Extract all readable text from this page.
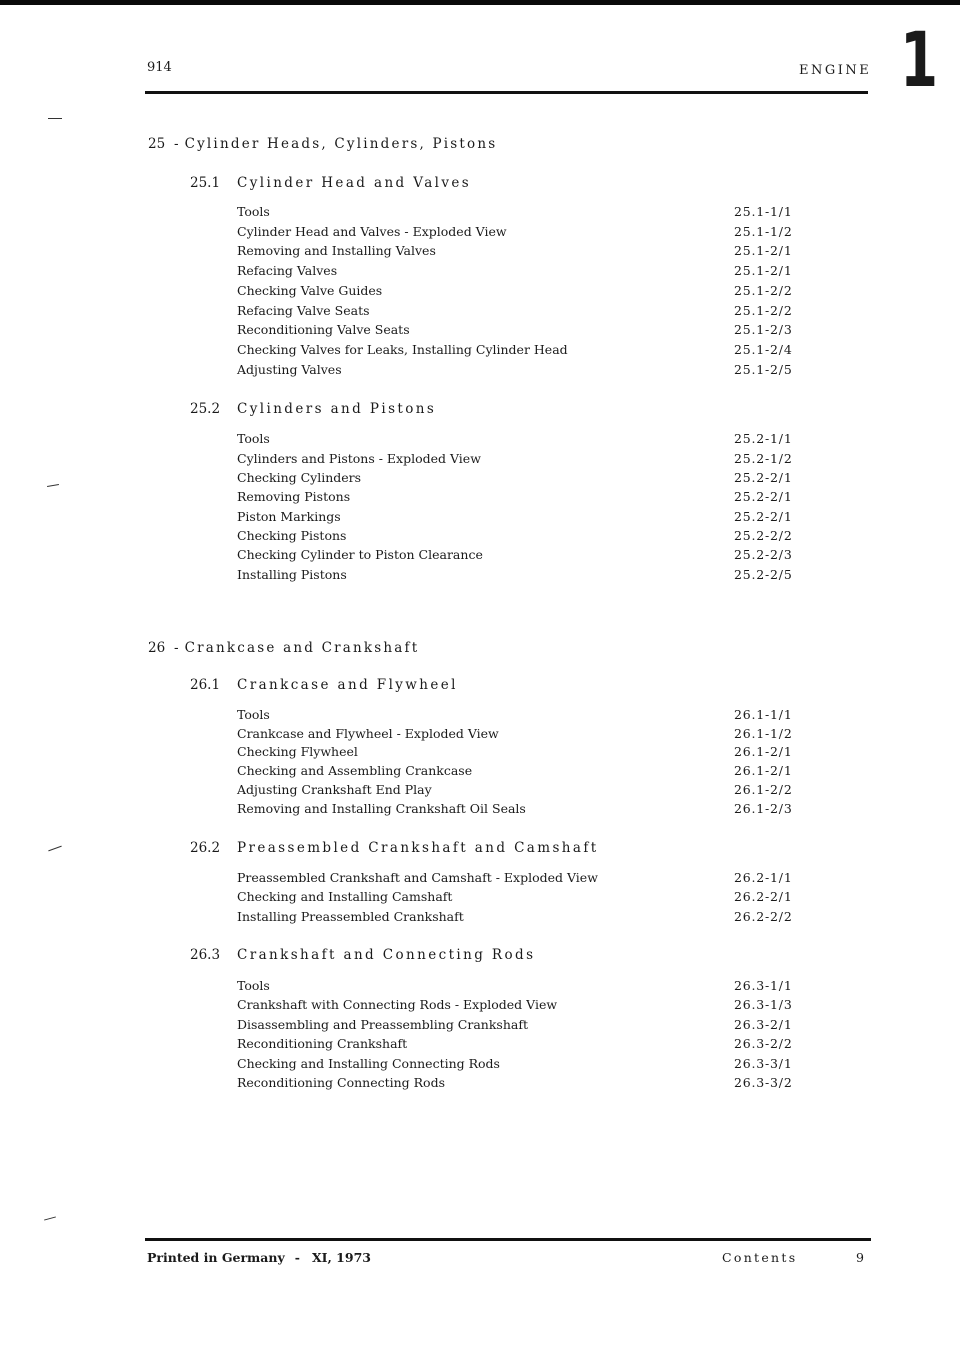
914	ENGINE 1
25 - Cylinder Heads, Cylinders, Pistons
25.1 Cylinder Head and Valves
Tools	25.1-1/1
Cylinder Head and Valves - Exploded View	25.1-1/2
Removing and Installing Valves	25.1-2/1
Refacing Valves	25.1-2/1
Checking Valve Guides	25.1-2/2
Refacing Valve Seats	25.1-2/2
Reconditioning Valve Seats	25.1-2/3
Checking Valves for Leaks, Installing Cylinder Head	25.1-2/4
Adjusting Valves	25.1-2/5
25.2 Cylinders and Pistons
Tools	25.2-1/1
Cylinders and Pistons - Exploded View	25.2-1/2
Checking Cylinders	25.2-2/1
Removing Pistons	25.2-2/1
Piston Markings	25.2-2/1
Checking Pistons	25.2-2/2
Checking Cylinder to Piston Clearance	25.2-2/3
Installing Pistons	25.2-2/5
26 - Crankcase and Crankshaft
26.1 Crankcase and Flywheel
Tools	26.1-1/1
Crankcase and Flywheel - Exploded View	26.1-1/2
Checking Flywheel	26.1-2/1
Checking and Assembling Crankcase	26.1-2/1
Adjusting Crankshaft End Play	26.1-2/2
Removing and Installing Crankshaft Oil Seals	26.1-2/3
26.2 Preassembled Crankshaft and Camshaft
Preassembled Crankshaft and Camshaft - Exploded View	26.2-1/1
Checking and Installing Camshaft	26.2-2/1
Installing Preassembled Crankshaft	26.2-2/2
26.3 Crankshaft and Connecting Rods
Tools	26.3-1/1
Crankshaft with Connecting Rods - Exploded View	26.3-1/3
Disassembling and Preassembling Crankshaft	26.3-2/1
Reconditioning Crankshaft	26.3-2/2
Checking and Installing Connecting Rods	26.3-3/1
Reconditioning Connecting Rods	26.3-3/2
Printed in Germany - XI, 1973	Contents	9
